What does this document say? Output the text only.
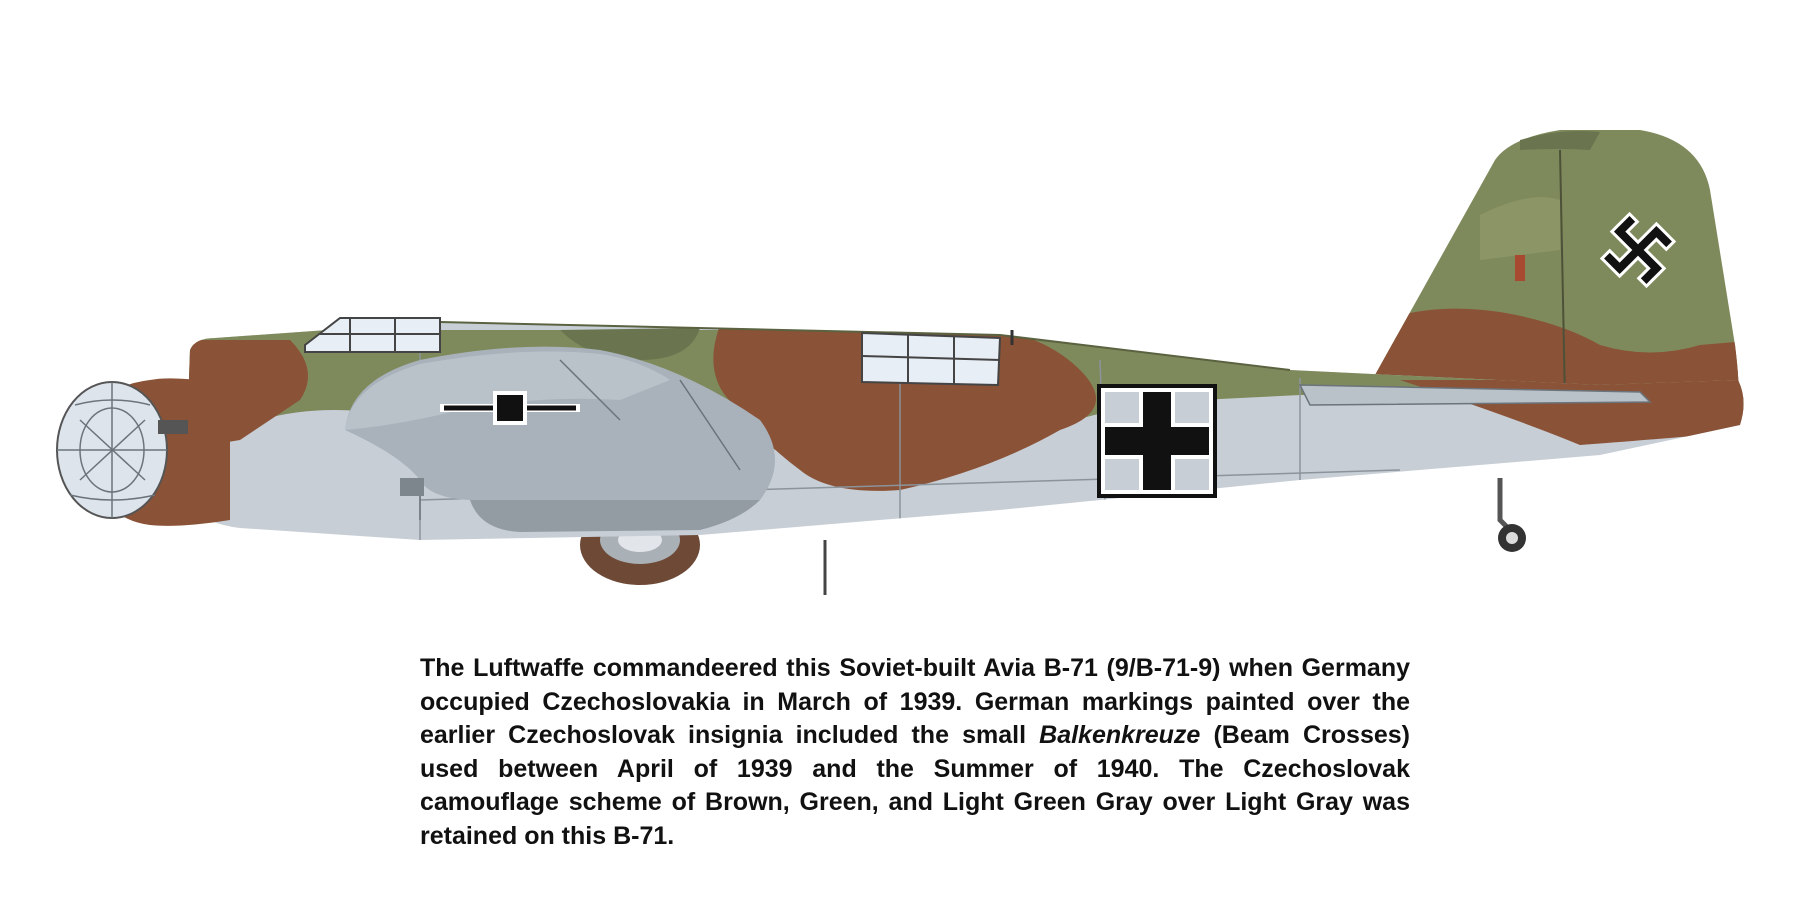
The Luftwaffe commandeered this Soviet-built Avia B-71 (9/B-71-9) when Germany occupied Czechoslovakia in March of 1939. German markings painted over the earlier Czechoslovak insignia included the small Balkenkreuze (Beam Crosses) used between April of 1939 and the Summer of 1940. The Czechoslovak camouflage scheme of Brown, Green, and Light Green Gray over Light Gray was retained on this B-71.
